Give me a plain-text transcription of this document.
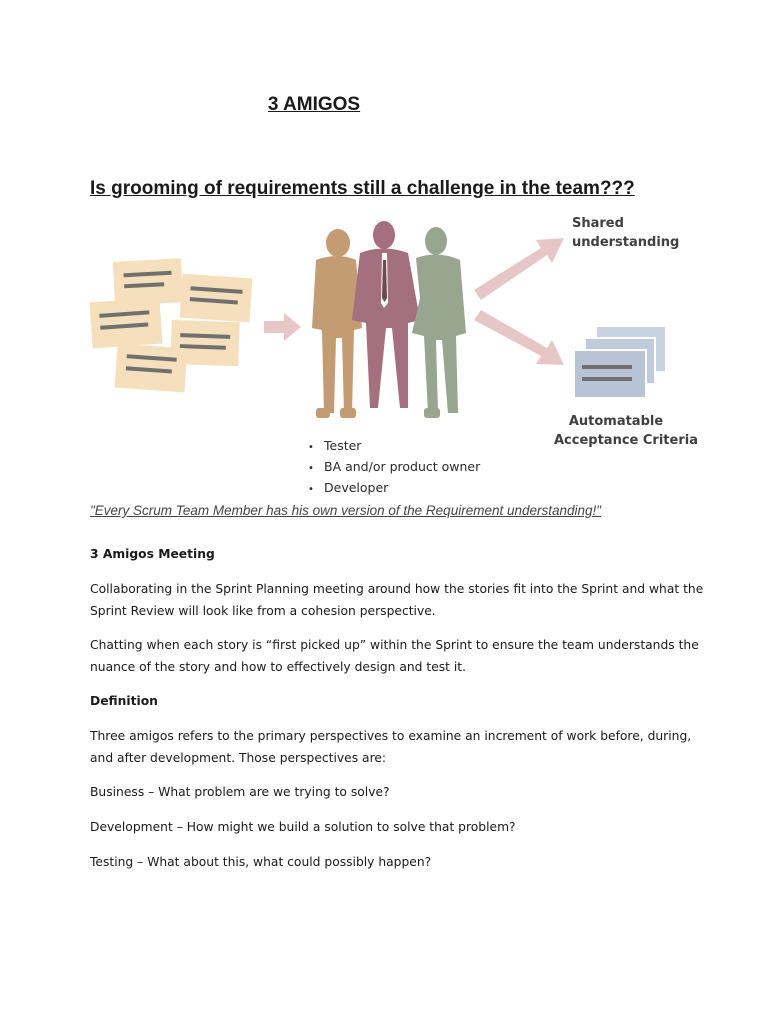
3 AMIGOS
Is grooming of requirements still a challenge in the team???
Shared
understanding
Automatable
Acceptance Criteria
• Tester
• BA and/or product owner
• Developer
"Every Scrum Team Member has his own version of the Requirement understanding!"

3 Amigos Meeting

Collaborating in the Sprint Planning meeting around how the stories fit into the Sprint and what the Sprint Review will look like from a cohesion perspective.

Chatting when each story is “first picked up” within the Sprint to ensure the team understands the nuance of the story and how to effectively design and test it.

Definition

Three amigos refers to the primary perspectives to examine an increment of work before, during, and after development. Those perspectives are:

Business – What problem are we trying to solve?

Development – How might we build a solution to solve that problem?

Testing – What about this, what could possibly happen?
